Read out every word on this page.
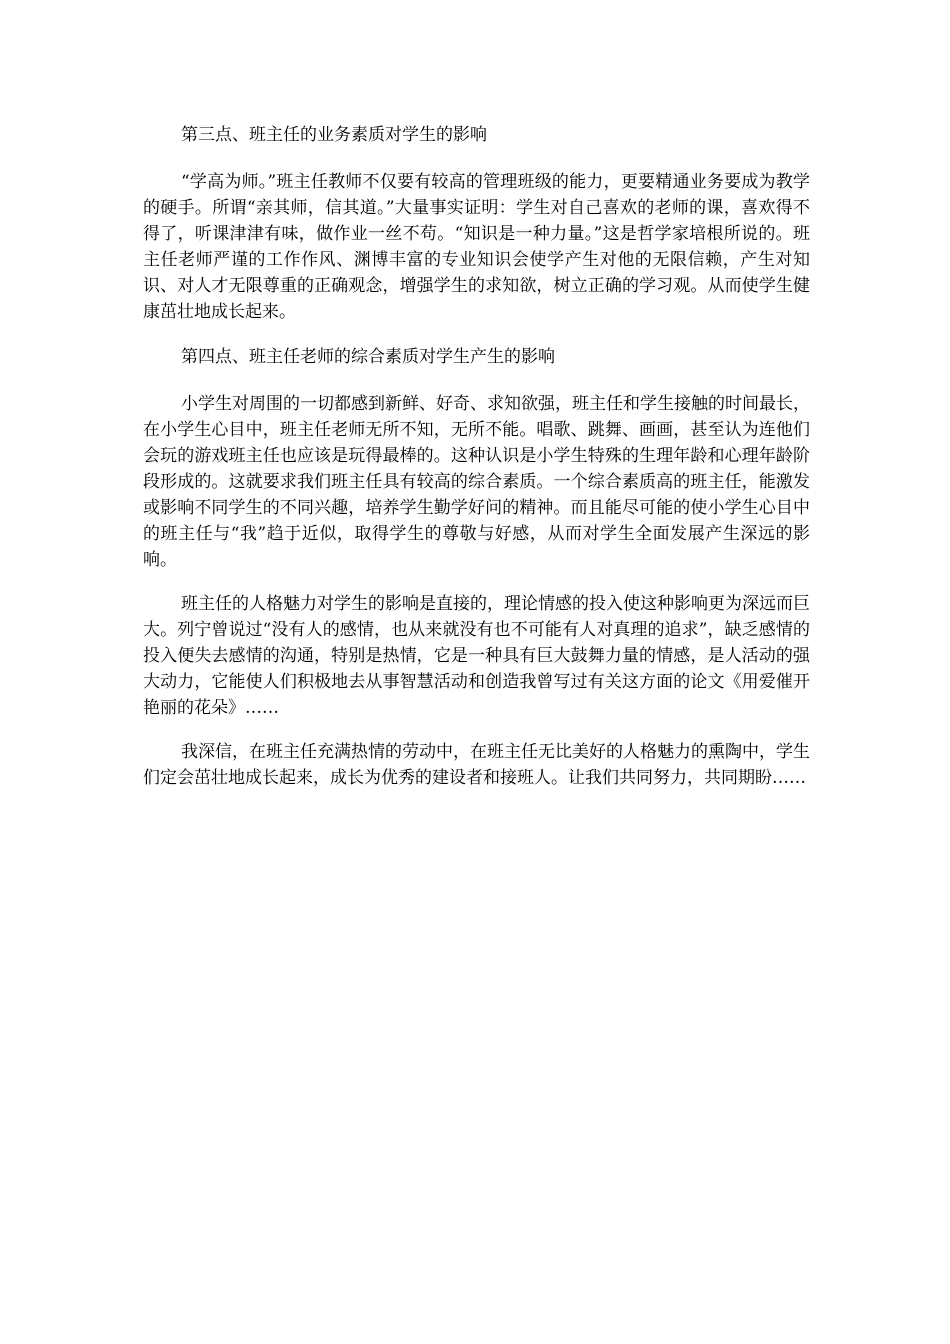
第三点、班主任的业务素质对学生的影响

“学高为师。”班主任教师不仅要有较高的管理班级的能力，更要精通业务要成为教学的硬手。所谓“亲其师，信其道。”大量事实证明：学生对自己喜欢的老师的课，喜欢得不得了，听课津津有味，做作业一丝不苟。“知识是一种力量。”这是哲学家培根所说的。班主任老师严谨的工作作风、渊博丰富的专业知识会使学产生对他的无限信赖，产生对知识、对人才无限尊重的正确观念，增强学生的求知欲，树立正确的学习观。从而使学生健康茁壮地成长起来。

第四点、班主任老师的综合素质对学生产生的影响

小学生对周围的一切都感到新鲜、好奇、求知欲强，班主任和学生接触的时间最长，在小学生心目中，班主任老师无所不知，无所不能。唱歌、跳舞、画画，甚至认为连他们会玩的游戏班主任也应该是玩得最棒的。这种认识是小学生特殊的生理年龄和心理年龄阶段形成的。这就要求我们班主任具有较高的综合素质。一个综合素质高的班主任，能激发或影响不同学生的不同兴趣，培养学生勤学好问的精神。而且能尽可能的使小学生心目中的班主任与“我”趋于近似，取得学生的尊敬与好感，从而对学生全面发展产生深远的影响。

班主任的人格魅力对学生的影响是直接的，理论情感的投入使这种影响更为深远而巨大。列宁曾说过“没有人的感情，也从来就没有也不可能有人对真理的追求”，缺乏感情的投入便失去感情的沟通，特别是热情，它是一种具有巨大鼓舞力量的情感，是人活动的强大动力，它能使人们积极地去从事智慧活动和创造我曾写过有关这方面的论文《用爱催开艳丽的花朵》……

我深信，在班主任充满热情的劳动中，在班主任无比美好的人格魅力的熏陶中，学生们定会茁壮地成长起来，成长为优秀的建设者和接班人。让我们共同努力，共同期盼……
